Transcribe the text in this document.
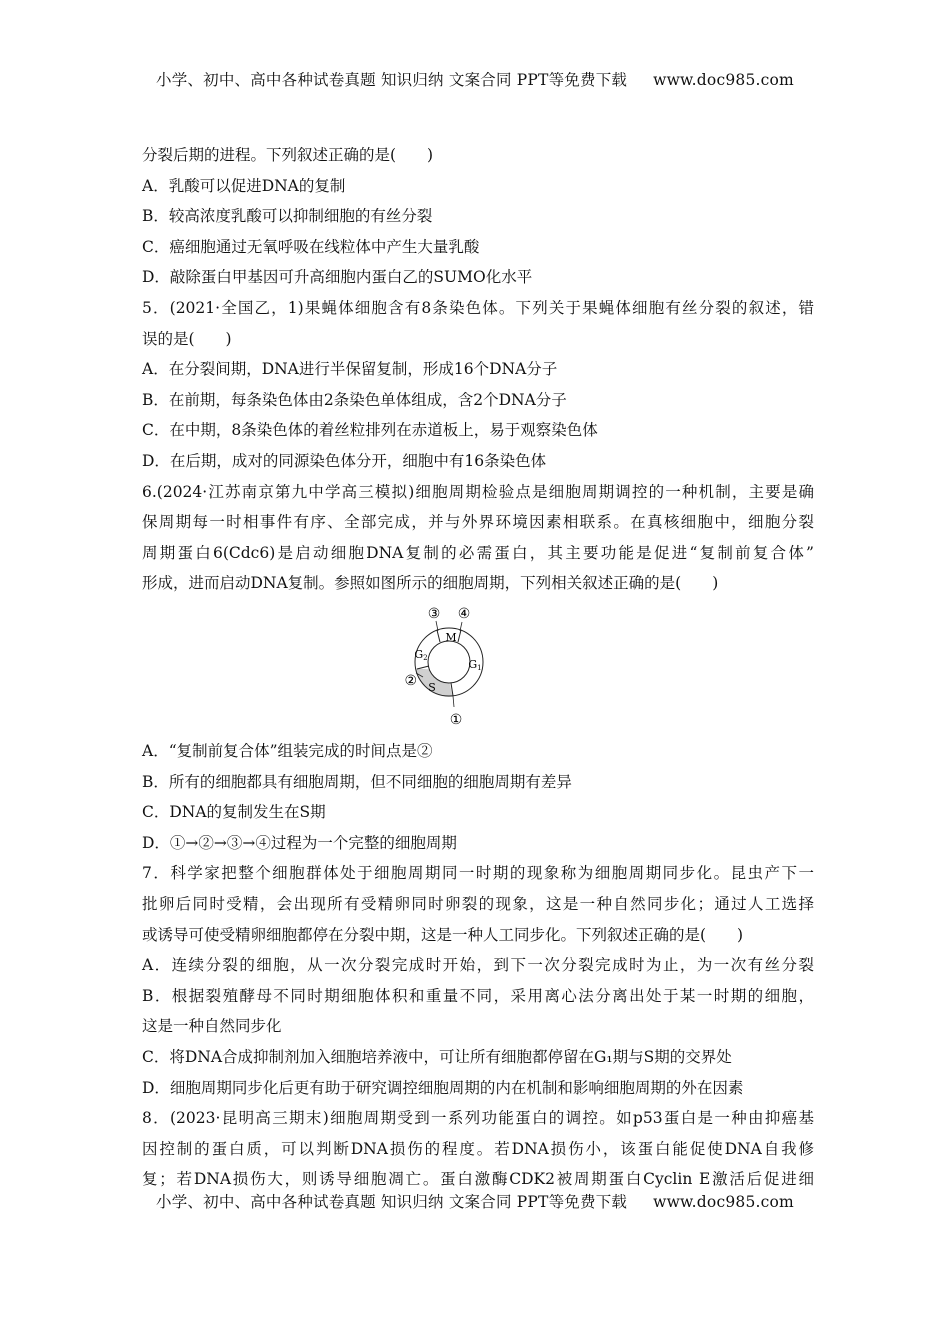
小学、初中、高中各种试卷真题 知识归纳 文案合同 PPT等免费下载 www.doc985.com
分裂后期的进程。下列叙述正确的是(　　)
A．乳酸可以促进DNA的复制
B．较高浓度乳酸可以抑制细胞的有丝分裂
C．癌细胞通过无氧呼吸在线粒体中产生大量乳酸
D．敲除蛋白甲基因可升高细胞内蛋白乙的SUMO化水平
5．(2021·全国乙，1)果蝇体细胞含有8条染色体。下列关于果蝇体细胞有丝分裂的叙述，错
误的是(　　)
A．在分裂间期，DNA进行半保留复制，形成16个DNA分子
B．在前期，每条染色体由2条染色单体组成，含2个DNA分子
C．在中期，8条染色体的着丝粒排列在赤道板上，易于观察染色体
D．在后期，成对的同源染色体分开，细胞中有16条染色体
6.(2024·江苏南京第九中学高三模拟)细胞周期检验点是细胞周期调控的一种机制，主要是确
保周期每一时相事件有序、全部完成，并与外界环境因素相联系。在真核细胞中，细胞分裂
周期蛋白6(Cdc6)是启动细胞DNA复制的必需蛋白，其主要功能是促进“复制前复合体”
形成，进而启动DNA复制。参照如图所示的细胞周期，下列相关叙述正确的是(　　)
M
G1
G2
S
③ ④
②
①
A．“复制前复合体”组装完成的时间点是②
B．所有的细胞都具有细胞周期，但不同细胞的细胞周期有差异
C．DNA的复制发生在S期
D．①→②→③→④过程为一个完整的细胞周期
7．科学家把整个细胞群体处于细胞周期同一时期的现象称为细胞周期同步化。昆虫产下一
批卵后同时受精，会出现所有受精卵同时卵裂的现象，这是一种自然同步化；通过人工选择
或诱导可使受精卵细胞都停在分裂中期，这是一种人工同步化。下列叙述正确的是(　　)
A．连续分裂的细胞，从一次分裂完成时开始，到下一次分裂完成时为止，为一次有丝分裂
B．根据裂殖酵母不同时期细胞体积和重量不同，采用离心法分离出处于某一时期的细胞，
这是一种自然同步化
C．将DNA合成抑制剂加入细胞培养液中，可让所有细胞都停留在G₁期与S期的交界处
D．细胞周期同步化后更有助于研究调控细胞周期的内在机制和影响细胞周期的外在因素
8．(2023·昆明高三期末)细胞周期受到一系列功能蛋白的调控。如p53蛋白是一种由抑癌基
因控制的蛋白质，可以判断DNA损伤的程度。若DNA损伤小，该蛋白能促使DNA自我修
复；若DNA损伤大，则诱导细胞凋亡。蛋白激酶CDK2被周期蛋白Cyclin E激活后促进细
小学、初中、高中各种试卷真题 知识归纳 文案合同 PPT等免费下载 www.doc985.com
